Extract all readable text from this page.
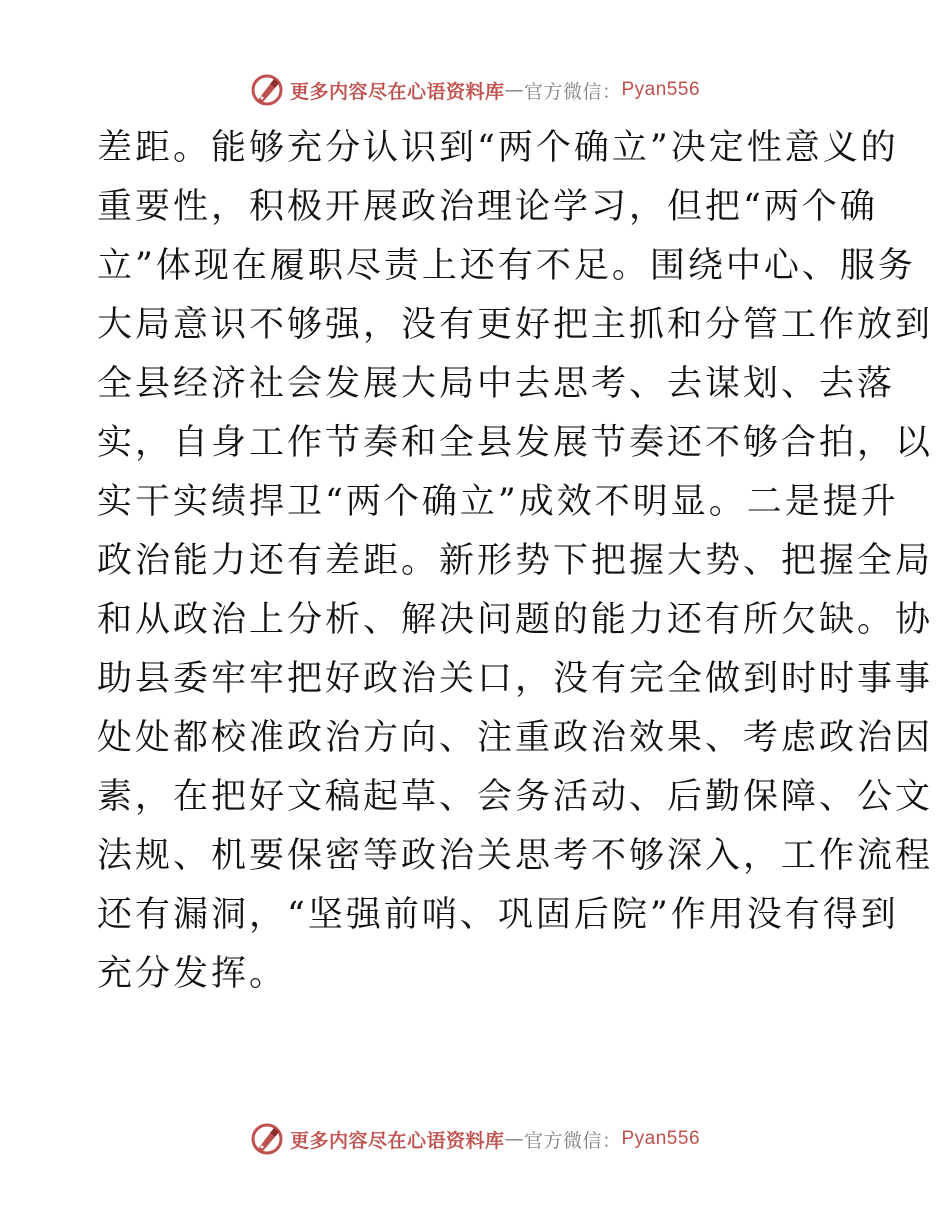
更多内容尽在心语资料库 — 官方微信： Pyan556
差距。能够充分认识到“两个确立”决定性意义的
重要性，积极开展政治理论学习，但把“两个确
立”体现在履职尽责上还有不足。围绕中心、服务
大局意识不够强，没有更好把主抓和分管工作放到
全县经济社会发展大局中去思考、去谋划、去落
实，自身工作节奏和全县发展节奏还不够合拍，以
实干实绩捍卫“两个确立”成效不明显。二是提升
政治能力还有差距。新形势下把握大势、把握全局
和从政治上分析、解决问题的能力还有所欠缺。协
助县委牢牢把好政治关口，没有完全做到时时事事
处处都校准政治方向、注重政治效果、考虑政治因
素，在把好文稿起草、会务活动、后勤保障、公文
法规、机要保密等政治关思考不够深入，工作流程
还有漏洞，“坚强前哨、巩固后院”作用没有得到
充分发挥。
更多内容尽在心语资料库 — 官方微信： Pyan556
